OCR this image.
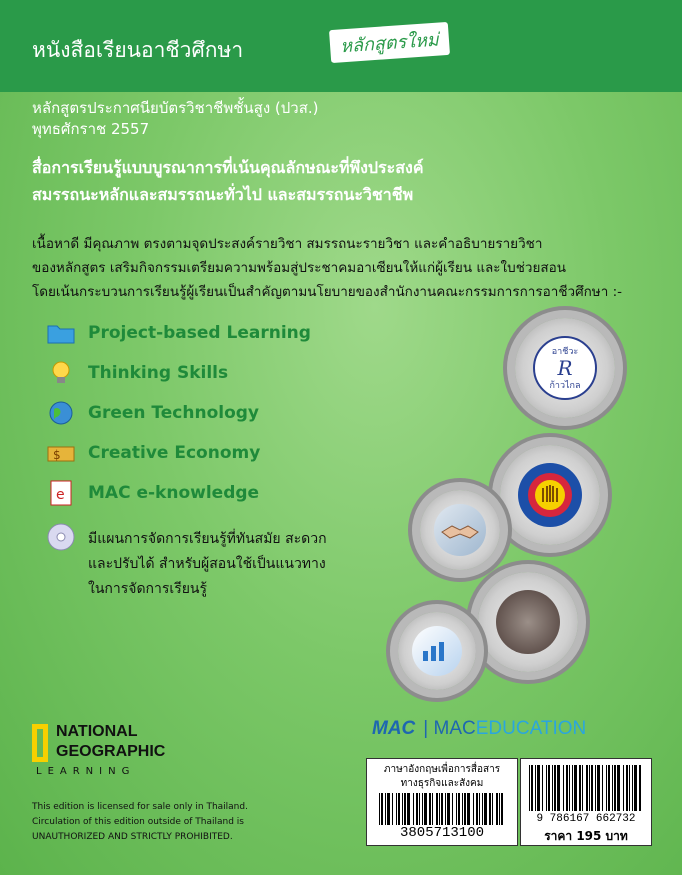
หนังสือเรียนอาชีวศึกษา	หลักสูตรใหม่
หลักสูตรประกาศนียบัตรวิชาชีพชั้นสูง (ปวส.)
พุทธศักราช 2557
สื่อการเรียนรู้แบบบูรณาการที่เน้นคุณลักษณะที่พึงประสงค์
สมรรถนะหลักและสมรรถนะทั่วไป และสมรรถนะวิชาชีพ
เนื้อหาดี มีคุณภาพ ตรงตามจุดประสงค์รายวิชา สมรรถนะรายวิชา และคำอธิบายรายวิชา
ของหลักสูตร เสริมกิจกรรมเตรียมความพร้อมสู่ประชาคมอาเซียนให้แก่ผู้เรียน และใบช่วยสอน
โดยเน้นกระบวนการเรียนรู้ผู้เรียนเป็นสำคัญตามนโยบายของสำนักงานคณะกรรมการการอาชีวศึกษา :-
Project-based Learning
Thinking Skills
Green Technology
$ Creative Economy
e MAC e-knowledge
มีแผนการจัดการเรียนรู้ที่ทันสมัย สะดวก
และปรับได้ สำหรับผู้สอนใช้เป็นแนวทาง
ในการจัดการเรียนรู้
อาชีวะ
R
ก้าวไกล
NATIONAL
GEOGRAPHIC
LEARNING
This edition is licensed for sale only in Thailand.
Circulation of this edition outside of Thailand is
UNAUTHORIZED AND STRICTLY PROHIBITED.
MAC | MACEDUCATION
ภาษาอังกฤษเพื่อการสื่อสาร
ทางธุรกิจและสังคม
3805713100
9 786167 662732
ราคา 195 บาท
